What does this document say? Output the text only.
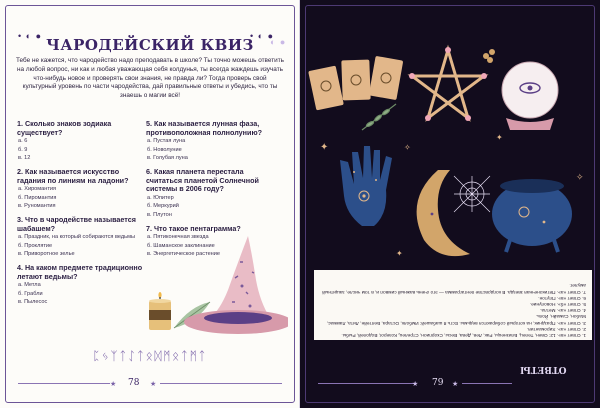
• ◐ ●	• ◐ ●
ЧАРОДЕЙСКИЙ КВИЗ
Тебе не кажется, что чародейство надо преподавать в школе? Ты точно можешь ответить на любой вопрос, ни как и любая уважающая себя колдунья, ты всегда жаждешь изучать что-нибудь новое и проверять свои знания, не правда ли? Тогда проверь свой культурный уровень по части чародейства, дай правильные ответы и убедись, что ты знаешь о магии всё!
1. Сколько знаков зодиака существует?
a. 6
б. 9
в. 12
2. Как называется искусство гадания по линиям на ладони?
a. Хиромантия
б. Пиромантия
в. Руномантия
3. Что в чародействе называется шабашем?
a. Праздник, на который собираются ведьмы
б. Проклятие
в. Приворотное зелье
4. На каком предмете традиционно летают ведьмы?
a. Метла
б. Грабли
в. Пылесос
5. Как называется лунная фаза, противоположная полнолунию?
a. Пустая луна
б. Новолуние
в. Голубая луна
6. Какая планета перестала считаться планетой Солнечной системы в 2006 году?
a. Юпитер
б. Меркурий
в. Плутон
7. Что такое пентаграмма?
a. Пятиконечная звезда
б. Шаманское заклинание
в. Энергетическое растение
ᛈᛃᛉᛏᛇᛏᛟᛞᛗᛟᛏᛗᛏ
★ 78 ★
◐ ●
✦	✧
✦
✧
✦
1. Ответ «в». 12: Овен, Телец, Близнецы, Рак, Лев, Дева, Весы, Скорпион, Стрелец, Козерог, Водолей, Рыбы.
2. Ответ «а». Хиромантия.
3. Ответ «а». Праздник, на который собираются ведьмы. Есть 8 шабашей: Имболк, Остара, Белтейн, Лита, Ламмас, Мабон, Самайн, Йоль.
4. Ответ «а». Метла.
5. Ответ «б». Новолуние.
6. Ответ «в». Плутон.
7. Ответ «а». Пятиконечная звезда. В колдовстве пентаграмма — это очень важный символ и, в том числе, защитный амулет.
★ 79 ★
ОТВЕТЫ
